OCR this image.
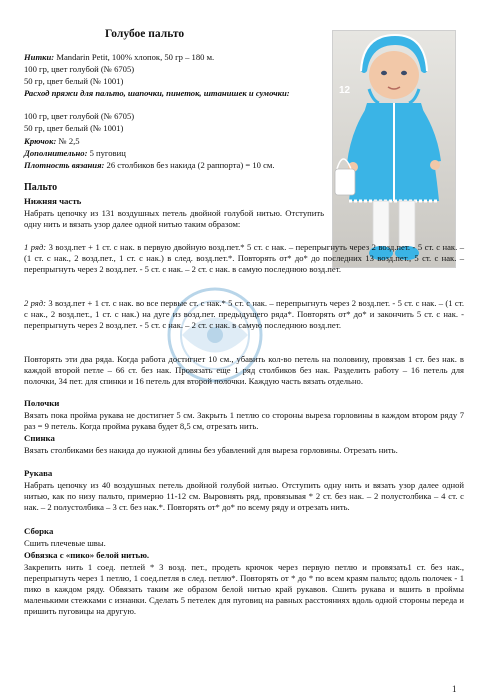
Голубое пальто
Нитки: Mandarin Petit, 100% хлопок, 50 гр – 180 м.
100 гр, цвет голубой (№ 6705)
50 гр, цвет белый (№ 1001)
Расход пряжи для пальто, шапочки, пинеток, штанишек и сумочки:
100 гр, цвет голубой (№ 6705)
50 гр, цвет белый (№ 1001)
Крючок: № 2,5
Дополнительно: 5 пуговиц
Плотность вязания: 26 столбиков без накида (2 раппорта) = 10 см.
12
Пальто
Нижняя часть
Набрать цепочку из 131 воздушных петель двойной голубой нитью. Отступить одну нить и вязать узор далее одной нитью таким образом:
1 ряд: 3 возд.пет + 1 ст. с нак. в первую двойную возд.пет.* 5 ст. с нак. – перепрыгнуть через 2 возд.пет. - 5 ст. с нак. – (1 ст. с нак., 2 возд.пет., 1 ст. с нак.) в след. возд.пет.*. Повторять от* до* до последних 13 возд.пет., 5 ст. с нак. – перепрыгнуть через 2 возд.пет. - 5 ст. с нак. – 2 ст. с нак. в самую последнюю возд.пет.
2 ряд: 3 возд.пет + 1 ст. с нак. во все первые ст. с нак.* 5 ст. с нак. – перепрыгнуть через 2 возд.пет. - 5 ст. с нак. – (1 ст. с нак., 2 возд.пет., 1 ст. с нак.) на дуге из возд.пет. предыдущего ряда*. Повторять от* до* и закончить 5 ст. с нак. - перепрыгнуть через 2 возд.пет. - 5 ст. с нак. – 2 ст. с нак. в самую последнюю возд.пет.
Повторять эти два ряда. Когда работа достигнет 10 см., убавить кол-во петель на половину, провязав 1 ст. без нак. в каждой второй петле – 66 ст. без нак. Провязать еще 1 ряд столбиков без нак. Разделить работу – 16 петель для полочки, 34 пет. для спинки и 16 петель для второй полочки. Каждую часть вязать отдельно.
Полочки
Вязать пока пройма рукава не достигнет 5 см. Закрыть 1 петлю со стороны выреза горловины в каждом втором ряду 7 раз = 9 петель. Когда пройма рукава будет 8,5 см, отрезать нить.
Спинка
Вязать столбиками без накида до нужной длины без убавлений для выреза горловины. Отрезать нить.
Рукава
Набрать цепочку из 40 воздушных петель двойной голубой нитью. Отступить одну нить и вязать узор далее одной нитью, как по низу пальто, примерно 11-12 см. Выровнять ряд, провязывая * 2 ст. без нак. – 2 полустолбика – 4 ст. с нак. – 2 полустолбика – 3 ст. без нак.*. Повторять от* до* по всему ряду и отрезать нить.
Сборка
Сшить плечевые швы.
Обвязка с «пико» белой нитью.
Закрепить нить 1 соед. петлей * 3 возд. пет., продеть крючок через первую петлю и провязать1 ст. без нак., перепрыгнуть через 1 петлю, 1 соед.петля в след. петлю*. Повторять от * до * по всем краям пальто; вдоль полочек - 1 пико в каждом ряду. Обвязать таким же образом белой нитью край рукавов. Сшить рукава и вшить в проймы маленькими стежками с изнанки. Сделать 5 петелек для пуговиц на равных расстояниях вдоль одной стороны переда и пришить пуговицы на другую.
1
